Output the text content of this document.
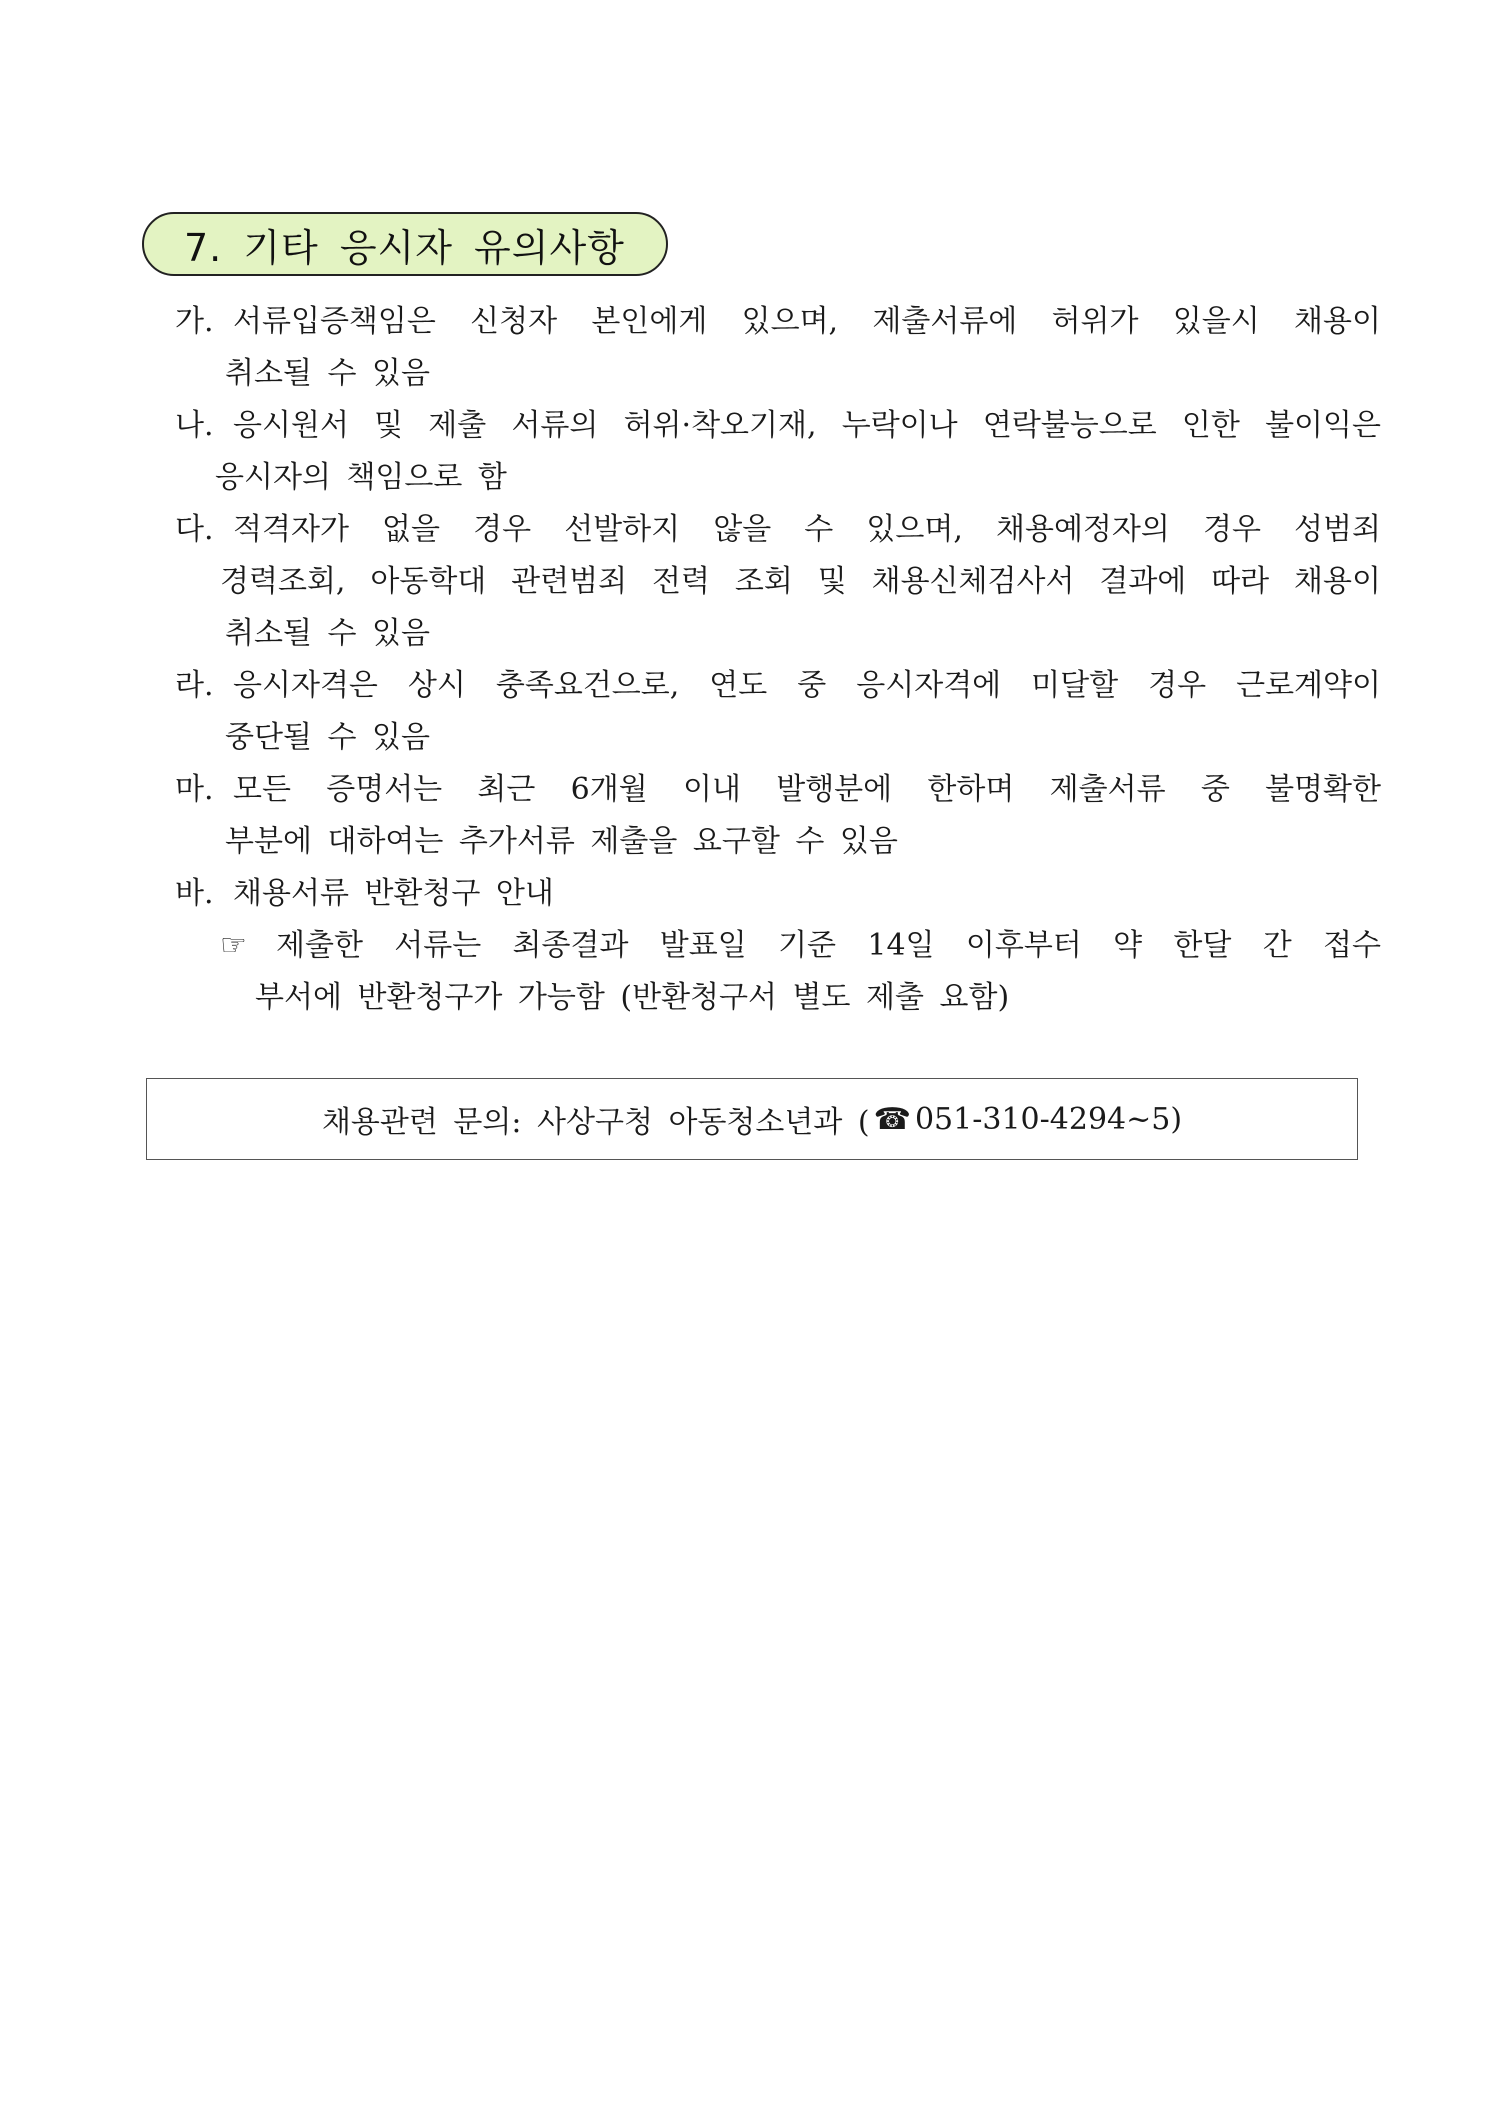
7. 기타 응시자 유의사항
가. 서류입증책임은 신청자 본인에게 있으며, 제출서류에 허위가 있을시 채용이
취소될 수 있음
나. 응시원서 및 제출 서류의 허위·착오기재, 누락이나 연락불능으로 인한 불이익은
응시자의 책임으로 함
다. 적격자가 없을 경우 선발하지 않을 수 있으며, 채용예정자의 경우 성범죄
경력조회, 아동학대 관련범죄 전력 조회 및 채용신체검사서 결과에 따라 채용이
취소될 수 있음
라. 응시자격은 상시 충족요건으로, 연도 중 응시자격에 미달할 경우 근로계약이
중단될 수 있음
마. 모든 증명서는 최근 6개월 이내 발행분에 한하며 제출서류 중 불명확한
부분에 대하여는 추가서류 제출을 요구할 수 있음
바. 채용서류 반환청구 안내
☞ 제출한 서류는 최종결과 발표일 기준 14일 이후부터 약 한달 간 접수
부서에 반환청구가 가능함 (반환청구서 별도 제출 요함)
채용관련 문의: 사상구청 아동청소년과 ( ☎ 051-310-4294~5)
